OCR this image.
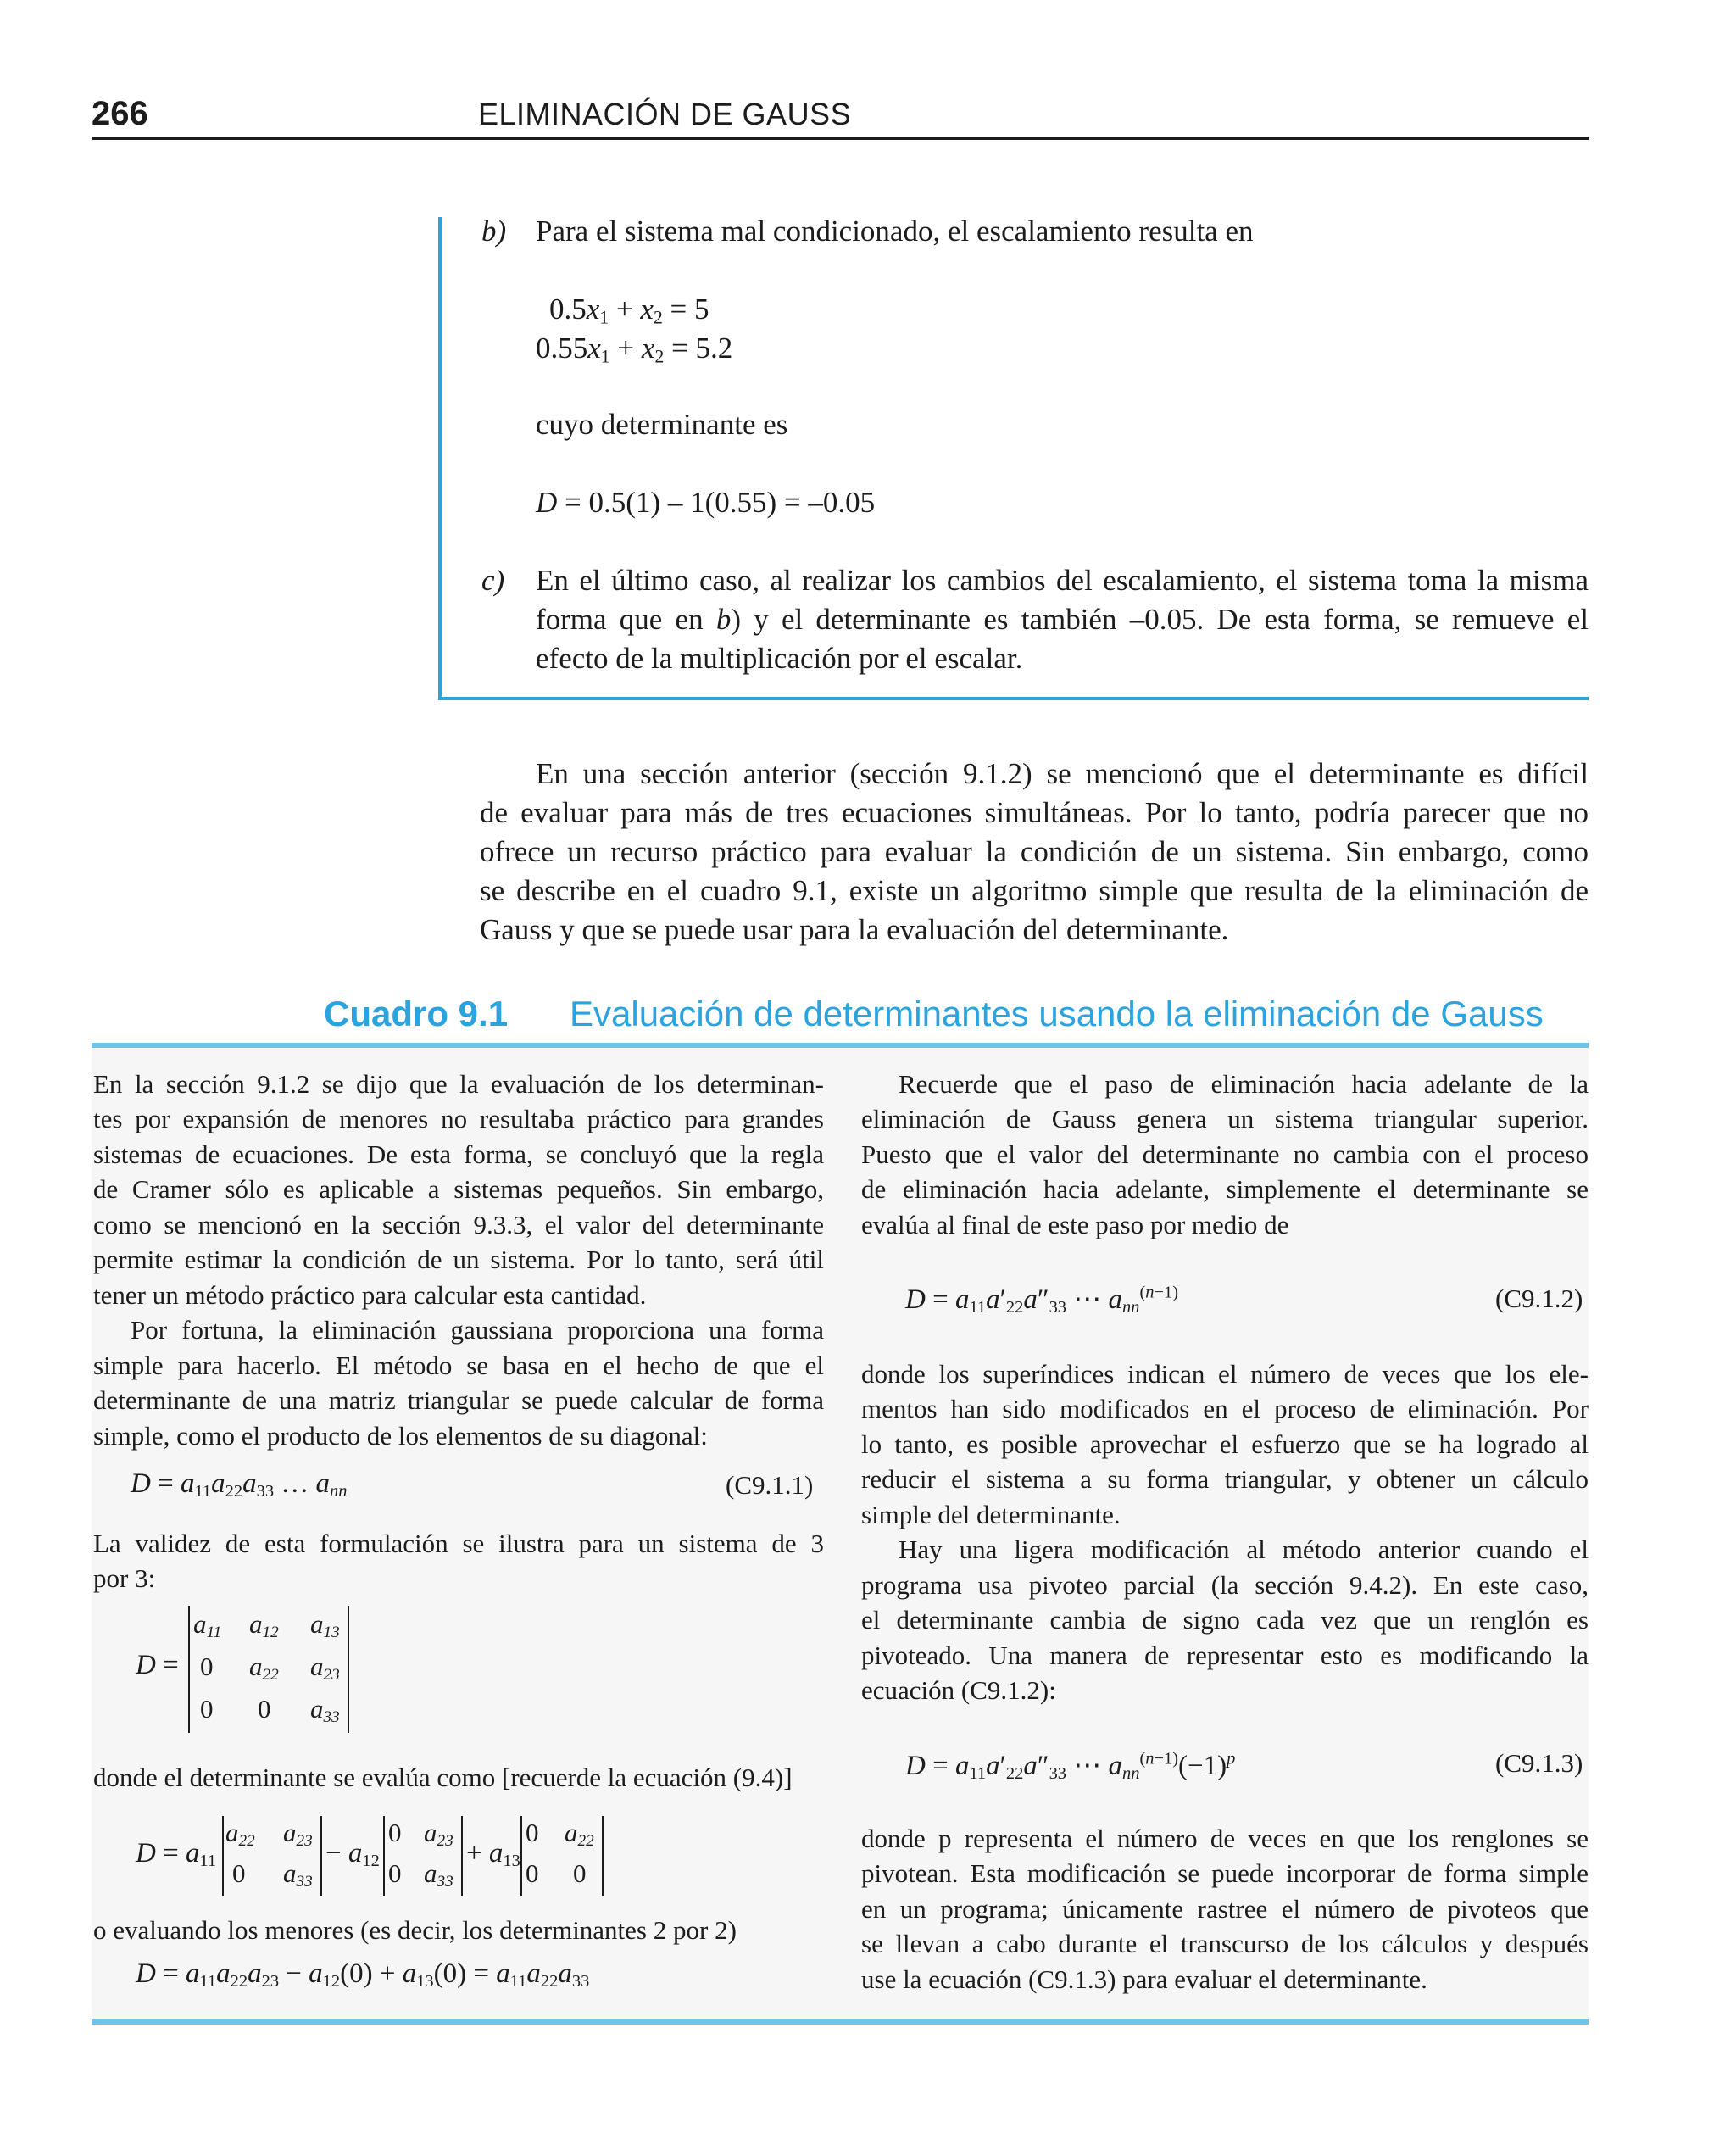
266	ELIMINACIÓN DE GAUSS
b) Para el sistema mal condicionado, el escalamiento resulta en
$0.5x_1 + x_2 = 5$
$0.55x_1 + x_2 = 5.2$
cuyo determinante es
D = 0.5(1) – 1(0.55) = –0.05
c) En el último caso, al realizar los cambios del escalamiento, el sistema toma la misma
forma que en b) y el determinante es también –0.05. De esta forma, se remueve el
efecto de la multiplicación por el escalar.
En una sección anterior (sección 9.1.2) se mencionó que el determinante es difícil
de evaluar para más de tres ecuaciones simultáneas. Por lo tanto, podría parecer que no
ofrece un recurso práctico para evaluar la condición de un sistema. Sin embargo, como
se describe en el cuadro 9.1, existe un algoritmo simple que resulta de la eliminación de
Gauss y que se puede usar para la evaluación del determinante.
Cuadro 9.1 Evaluación de determinantes usando la eliminación de Gauss
En la sección 9.1.2 se dijo que la evaluación de los determinan-
tes por expansión de menores no resultaba práctico para grandes
sistemas de ecuaciones. De esta forma, se concluyó que la regla
de Cramer sólo es aplicable a sistemas pequeños. Sin embargo,
como se mencionó en la sección 9.3.3, el valor del determinante
permite estimar la condición de un sistema. Por lo tanto, será útil
tener un método práctico para calcular esta cantidad.
Por fortuna, la eliminación gaussiana proporciona una forma
simple para hacerlo. El método se basa en el hecho de que el
determinante de una matriz triangular se puede calcular de forma
simple, como el producto de los elementos de su diagonal:
$D = a_{11}a_{22}a_{33}$ … $a_{nn}$	(C9.1.1)
La validez de esta formulación se ilustra para un sistema de 3
por 3:
D =
$a_{11}$ $a_{12}$ $a_{13}$
0 $a_{22}$ $a_{23}$
0 0 $a_{33}$
donde el determinante se evalúa como [recuerde la ecuación (9.4)]
$D = a_{11}$
$a_{22}$ $a_{23}$
0 $a_{33}$
− $a_{12}$
0 $a_{23}$
0 $a_{33}$
+ $a_{13}$
0 $a_{22}$
0 0
o evaluando los menores (es decir, los determinantes 2 por 2)
$D = a_{11}a_{22}a_{23} - a_{12}(0) + a_{13}(0) = a_{11}a_{22}a_{33}$
Recuerde que el paso de eliminación hacia adelante de la
eliminación de Gauss genera un sistema triangular superior.
Puesto que el valor del determinante no cambia con el proceso
de eliminación hacia adelante, simplemente el determinante se
evalúa al final de este paso por medio de
$D = a_{11}a'_{22}a''_{33}$ ⋯ $a_{nn}^{(n-1)}$	(C9.1.2)
donde los superíndices indican el número de veces que los ele-
mentos han sido modificados en el proceso de eliminación. Por
lo tanto, es posible aprovechar el esfuerzo que se ha logrado al
reducir el sistema a su forma triangular, y obtener un cálculo
simple del determinante.
Hay una ligera modificación al método anterior cuando el
programa usa pivoteo parcial (la sección 9.4.2). En este caso,
el determinante cambia de signo cada vez que un renglón es
pivoteado. Una manera de representar esto es modificando la
ecuación (C9.1.2):
$D = a_{11}a'_{22}a''_{33}$ ⋯ $a_{nn}^{(n-1)}(-1)^p$	(C9.1.3)
donde p representa el número de veces en que los renglones se
pivotean. Esta modificación se puede incorporar de forma simple
en un programa; únicamente rastree el número de pivoteos que
se llevan a cabo durante el transcurso de los cálculos y después
use la ecuación (C9.1.3) para evaluar el determinante.
